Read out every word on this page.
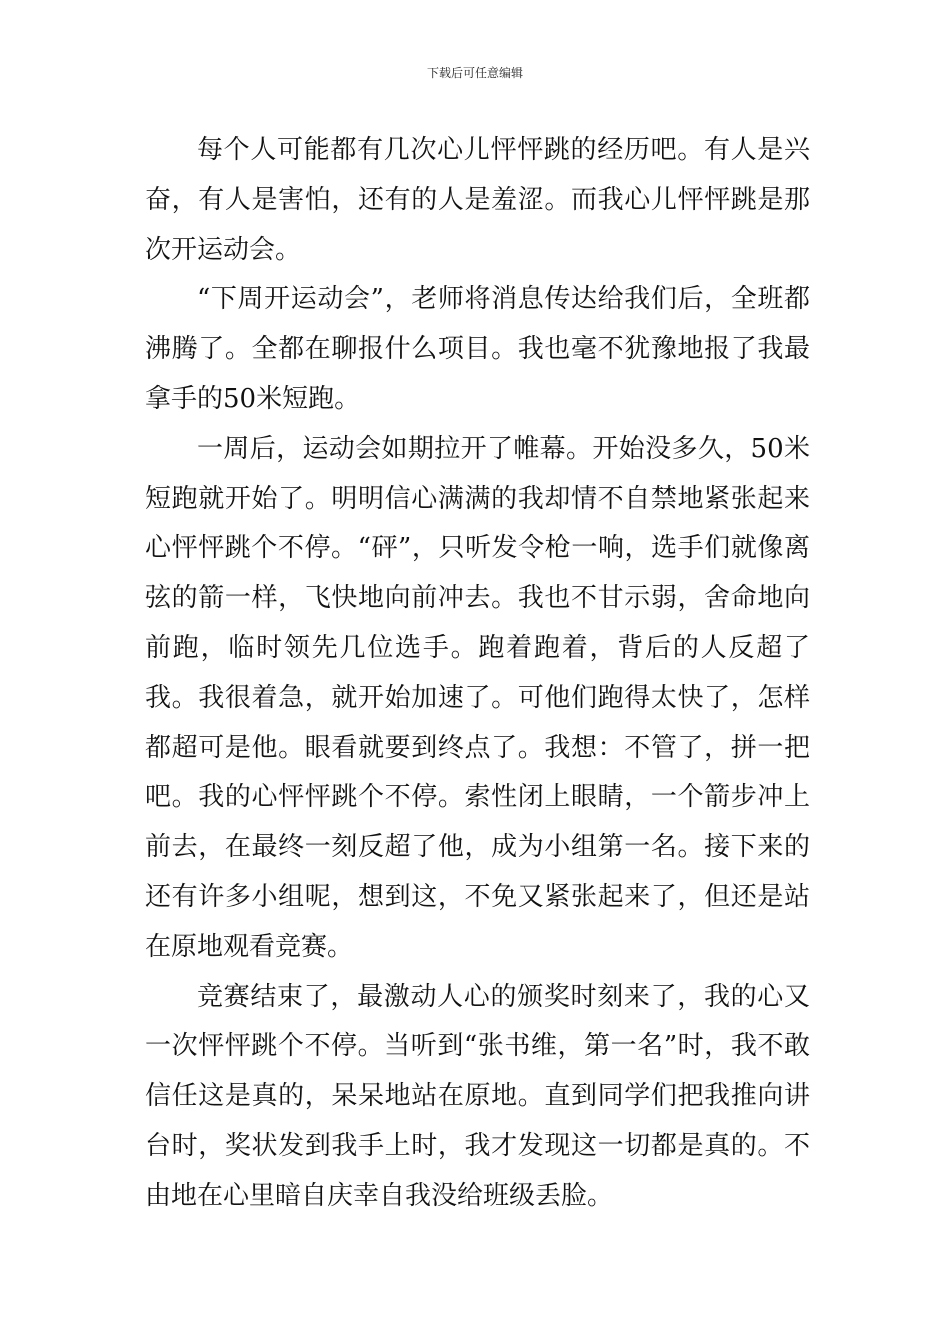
下载后可任意编辑

每个人可能都有几次心儿怦怦跳的经历吧。有人是兴奋，有人是害怕，还有的人是羞涩。而我心儿怦怦跳是那次开运动会。

“下周开运动会”，老师将消息传达给我们后，全班都沸腾了。全都在聊报什么项目。我也毫不犹豫地报了我最拿手的50米短跑。

一周后，运动会如期拉开了帷幕。开始没多久，50米短跑就开始了。明明信心满满的我却情不自禁地紧张起来心怦怦跳个不停。“砰”，只听发令枪一响，选手们就像离弦的箭一样，飞快地向前冲去。我也不甘示弱，舍命地向前跑，临时领先几位选手。跑着跑着，背后的人反超了我。我很着急，就开始加速了。可他们跑得太快了，怎样都超可是他。眼看就要到终点了。我想：不管了，拼一把吧。我的心怦怦跳个不停。索性闭上眼睛，一个箭步冲上前去，在最终一刻反超了他，成为小组第一名。接下来的还有许多小组呢，想到这，不免又紧张起来了，但还是站在原地观看竞赛。

竞赛结束了，最激动人心的颁奖时刻来了，我的心又一次怦怦跳个不停。当听到“张书维，第一名”时，我不敢信任这是真的，呆呆地站在原地。直到同学们把我推向讲台时，奖状发到我手上时，我才发现这一切都是真的。不由地在心里暗自庆幸自我没给班级丢脸。
